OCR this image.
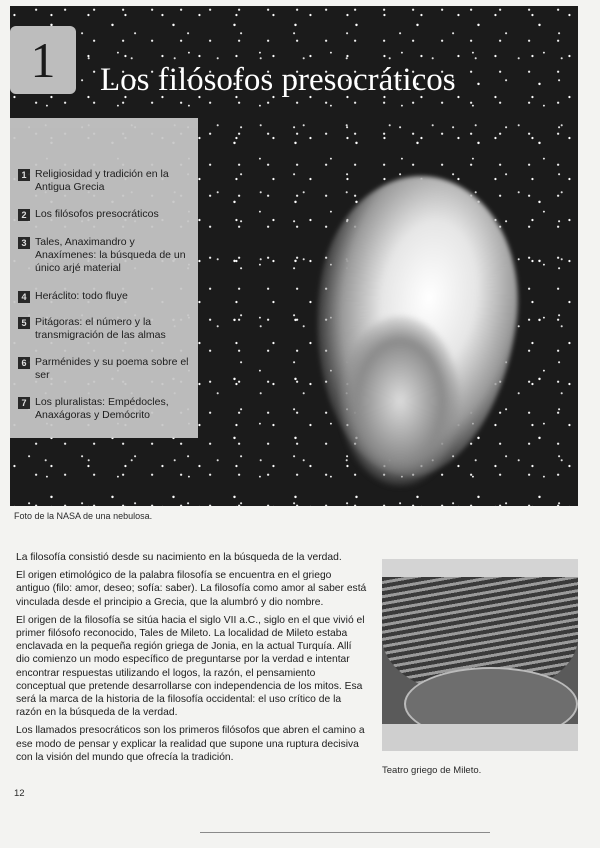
Los filósofos presocráticos
1
1 Religiosidad y tradición en la Antigua Grecia
2 Los filósofos presocráticos
3 Tales, Anaximandro y Anaxímenes: la búsqueda de un único arjé material
4 Heráclito: todo fluye
5 Pitágoras: el número y la transmigración de las almas
6 Parménides y su poema sobre el ser
7 Los pluralistas: Empédocles, Anaxágoras y Demócrito
Foto de la NASA de una nebulosa.

La filosofía consistió desde su nacimiento en la búsqueda de la verdad.

El origen etimológico de la palabra filosofía se encuentra en el griego antiguo (filo: amor, deseo; sofía: saber). La filosofía como amor al saber está vinculada desde el principio a Grecia, que la alumbró y dio nombre.

El origen de la filosofía se sitúa hacia el siglo VII a.C., siglo en el que vivió el primer filósofo reconocido, Tales de Mileto. La localidad de Mileto estaba enclavada en la pequeña región griega de Jonia, en la actual Turquía. Allí dio comienzo un modo específico de preguntarse por la verdad e intentar encontrar respuestas utilizando el logos, la razón, el pensamiento conceptual que pretende desarrollarse con independencia de los mitos. Esa será la marca de la historia de la filosofía occidental: el uso crítico de la razón en la búsqueda de la verdad.

Los llamados presocráticos son los primeros filósofos que abren el camino a ese modo de pensar y explicar la realidad que supone una ruptura decisiva con la visión del mundo que ofrecía la tradición.

Teatro griego de Mileto.
12
